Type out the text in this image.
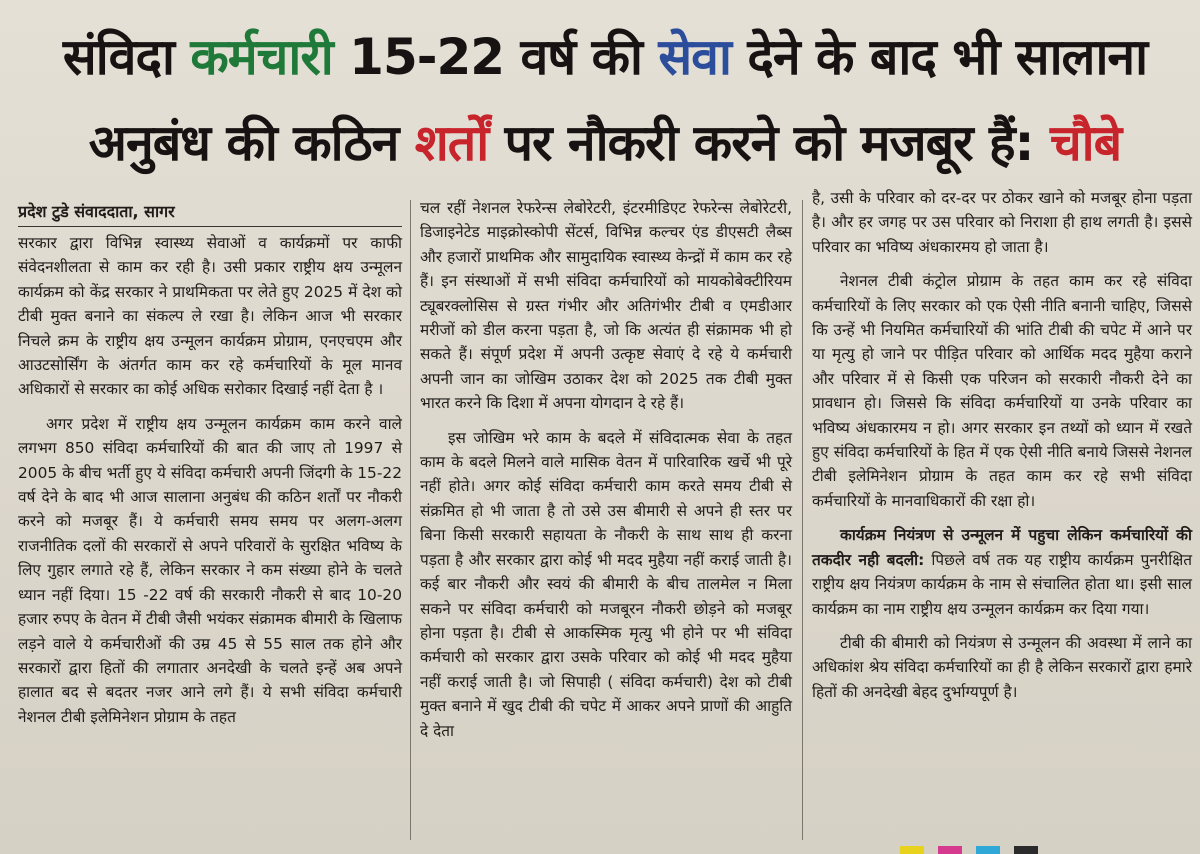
संविदा कर्मचारी 15-22 वर्ष की सेवा देने के बाद भी सालाना
अनुबंध की कठिन शर्तों पर नौकरी करने को मजबूर हैं: चौबे
प्रदेश टुडे संवाददाता, सागर

सरकार द्वारा विभिन्न स्वास्थ्य सेवाओं व कार्यक्रमों पर काफी संवेदनशीलता से काम कर रही है। उसी प्रकार राष्ट्रीय क्षय उन्मूलन कार्यक्रम को केंद्र सरकार ने प्राथमिकता पर लेते हुए 2025 में देश को टीबी मुक्त बनाने का संकल्प ले रखा है। लेकिन आज भी सरकार निचले क्रम के राष्ट्रीय क्षय उन्मूलन कार्यक्रम प्रोग्राम, एनएचएम और आउटसोर्सिंग के अंतर्गत काम कर रहे कर्मचारियों के मूल मानव अधिकारों से सरकार का कोई अधिक सरोकार दिखाई नहीं देता है ।

अगर प्रदेश में राष्ट्रीय क्षय उन्मूलन कार्यक्रम काम करने वाले लगभग 850 संविदा कर्मचारियों की बात की जाए तो 1997 से 2005 के बीच भर्ती हुए ये संविदा कर्मचारी अपनी जिंदगी के 15-22 वर्ष देने के बाद भी आज सालाना अनुबंध की कठिन शर्तों पर नौकरी करने को मजबूर हैं। ये कर्मचारी समय समय पर अलग-अलग राजनीतिक दलों की सरकारों से अपने परिवारों के सुरक्षित भविष्य के लिए गुहार लगाते रहे हैं, लेकिन सरकार ने कम संख्या होने के चलते ध्यान नहीं दिया। 15 -22 वर्ष की सरकारी नौकरी से बाद 10-20 हजार रुपए के वेतन में टीबी जैसी भयंकर संक्रामक बीमारी के खिलाफ लड़ने वाले ये कर्मचारीओं की उम्र 45 से 55 साल तक होने और सरकारों द्वारा हितों की लगातार अनदेखी के चलते इन्हें अब अपने हालात बद से बदतर नजर आने लगे हैं। ये सभी संविदा कर्मचारी नेशनल टीबी इलेमिनेशन प्रोग्राम के तहत

चल रहीं नेशनल रेफरेन्स लेबोरेटरी, इंटरमीडिएट रेफरेन्स लेबोरेटरी, डिजाइनेटेड माइक्रोस्कोपी सेंटर्स, विभिन्न कल्चर एंड डीएसटी लैब्स और हजारों प्राथमिक और सामुदायिक स्वास्थ्य केन्द्रों में काम कर रहे हैं। इन संस्थाओं में सभी संविदा कर्मचारियों को मायकोबेक्टीरियम ट्यूबरक्लोसिस से ग्रस्त गंभीर और अतिगंभीर टीबी व एमडीआर मरीजों को डील करना पड़ता है, जो कि अत्यंत ही संक्रामक भी हो सकते हैं। संपूर्ण प्रदेश में अपनी उत्कृष्ट सेवाएं दे रहे ये कर्मचारी अपनी जान का जोखिम उठाकर देश को 2025 तक टीबी मुक्त भारत करने कि दिशा में अपना योगदान दे रहे हैं।

इस जोखिम भरे काम के बदले में संविदात्मक सेवा के तहत काम के बदले मिलने वाले मासिक वेतन में पारिवारिक खर्चे भी पूरे नहीं होते। अगर कोई संविदा कर्मचारी काम करते समय टीबी से संक्रमित हो भी जाता है तो उसे उस बीमारी से अपने ही स्तर पर बिना किसी सरकारी सहायता के नौकरी के साथ साथ ही करना पड़ता है और सरकार द्वारा कोई भी मदद मुहैया नहीं कराई जाती है। कई बार नौकरी और स्वयं की बीमारी के बीच तालमेल न मिला सकने पर संविदा कर्मचारी को मजबूरन नौकरी छोड़ने को मजबूर होना पड़ता है। टीबी से आकस्मिक मृत्यु भी होने पर भी संविदा कर्मचारी को सरकार द्वारा उसके परिवार को कोई भी मदद मुहैया नहीं कराई जाती है। जो सिपाही ( संविदा कर्मचारी) देश को टीबी मुक्त बनाने में खुद टीबी की चपेट में आकर अपने प्राणों की आहुति दे देता

है, उसी के परिवार को दर-दर पर ठोकर खाने को मजबूर होना पड़ता है। और हर जगह पर उस परिवार को निराशा ही हाथ लगती है। इससे परिवार का भविष्य अंधकारमय हो जाता है।

नेशनल टीबी कंट्रोल प्रोग्राम के तहत काम कर रहे संविदा कर्मचारियों के लिए सरकार को एक ऐसी नीति बनानी चाहिए, जिससे कि उन्हें भी नियमित कर्मचारियों की भांति टीबी की चपेट में आने पर या मृत्यु हो जाने पर पीड़ित परिवार को आर्थिक मदद मुहैया कराने और परिवार में से किसी एक परिजन को सरकारी नौकरी देने का प्रावधान हो। जिससे कि संविदा कर्मचारियों या उनके परिवार का भविष्य अंधकारमय न हो। अगर सरकार इन तथ्यों को ध्यान में रखते हुए संविदा कर्मचारियों के हित में एक ऐसी नीति बनाये जिससे नेशनल टीबी इलेमिनेशन प्रोग्राम के तहत काम कर रहे सभी संविदा कर्मचारियों के मानवाधिकारों की रक्षा हो।

कार्यक्रम नियंत्रण से उन्मूलन में पहुचा लेकिन कर्मचारियों की तकदीर नही बदली: पिछले वर्ष तक यह राष्ट्रीय कार्यक्रम पुनरीक्षित राष्ट्रीय क्षय नियंत्रण कार्यक्रम के नाम से संचालित होता था। इसी साल कार्यक्रम का नाम राष्ट्रीय क्षय उन्मूलन कार्यक्रम कर दिया गया।

टीबी की बीमारी को नियंत्रण से उन्मूलन की अवस्था में लाने का अधिकांश श्रेय संविदा कर्मचारियों का ही है लेकिन सरकारों द्वारा हमारे हितों की अनदेखी बेहद दुर्भाग्यपूर्ण है।
